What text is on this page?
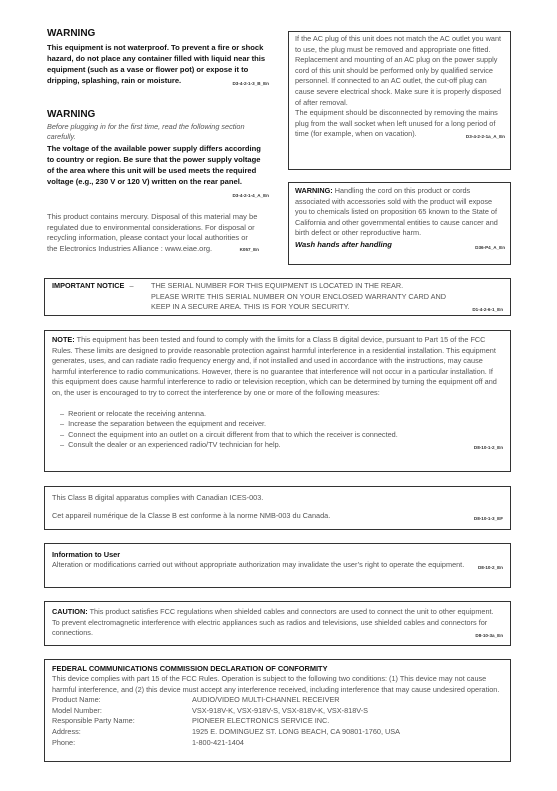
WARNING
This equipment is not waterproof. To prevent a fire or shock hazard, do not place any container filled with liquid near this equipment (such as a vase or flower pot) or expose it to dripping, splashing, rain or moisture.	D3-4-2-1-3_B_En
WARNING
Before plugging in for the first time, read the following section carefully.
The voltage of the available power supply differs according to country or region. Be sure that the power supply voltage of the area where this unit will be used meets the required voltage (e.g., 230 V or 120 V) written on the rear panel.
D3-4-2-1-4_A_En
This product contains mercury. Disposal of this material may be regulated due to environmental considerations. For disposal or recycling information, please contact your local authorities or the Electronics Industries Alliance : www.eiae.org.	K057_En
If the AC plug of this unit does not match the AC outlet you want to use, the plug must be removed and appropriate one fitted. Replacement and mounting of an AC plug on the power supply cord of this unit should be performed only by qualified service personnel. If connected to an AC outlet, the cut-off plug can cause severe electrical shock. Make sure it is properly disposed of after removal.
The equipment should be disconnected by removing the mains plug from the wall socket when left unused for a long period of time (for example, when on vacation).	D3-4-2-2-1a_A_En
WARNING: Handling the cord on this product or cords associated with accessories sold with the product will expose you to chemicals listed on proposition 65 known to the State of California and other governmental entities to cause cancer and birth defect or other reproductive harm.
Wash hands after handling	D36-P4_A_En
IMPORTANT NOTICE –	THE SERIAL NUMBER FOR THIS EQUIPMENT IS LOCATED IN THE REAR.
PLEASE WRITE THIS SERIAL NUMBER ON YOUR ENCLOSED WARRANTY CARD AND
KEEP IN A SECURE AREA. THIS IS FOR YOUR SECURITY.	D1-4-2-6-1_En
NOTE: This equipment has been tested and found to comply with the limits for a Class B digital device, pursuant to Part 15 of the FCC Rules. These limits are designed to provide reasonable protection against harmful interference in a residential installation. This equipment generates, uses, and can radiate radio frequency energy and, if not installed and used in accordance with the instructions, may cause harmful interference to radio communications. However, there is no guarantee that interference will not occur in a particular installation. If this equipment does cause harmful interference to radio or television reception, which can be determined by turning the equipment off and on, the user is encouraged to try to correct the interference by one or more of the following measures:
–  Reorient or relocate the receiving antenna.
–  Increase the separation between the equipment and receiver.
–  Connect the equipment into an outlet on a circuit different from that to which the receiver is connected.
–  Consult the dealer or an experienced radio/TV technician for help.	D8-10-1-2_En
This Class B digital apparatus complies with Canadian ICES-003.
Cet appareil numérique de la Classe B est conforme à la norme NMB-003 du Canada.	D8-10-1-3_EF
Information to User
Alteration or modifications carried out without appropriate authorization may invalidate the user’s right to operate the equipment.	D8-10-2_En
CAUTION: This product satisfies FCC regulations when shielded cables and connectors are used to connect the unit to other equipment. To prevent electromagnetic interference with electric appliances such as radios and televisions, use shielded cables and connectors for connections.	D8-10-3a_En
FEDERAL COMMUNICATIONS COMMISSION DECLARATION OF CONFORMITY
This device complies with part 15 of the FCC Rules. Operation is subject to the following two conditions: (1) This device may not cause harmful interference, and (2) this device must accept any interference received, including interference that may cause undesired operation.
Product Name:	AUDIO/VIDEO MULTI-CHANNEL RECEIVER
Model Number:	VSX-918V-K, VSX-918V-S, VSX-818V-K, VSX-818V-S
Responsible Party Name:	PIONEER ELECTRONICS SERVICE INC.
Address:	1925 E. DOMINGUEZ ST. LONG BEACH, CA 90801-1760, USA
Phone:	1-800-421-1404
